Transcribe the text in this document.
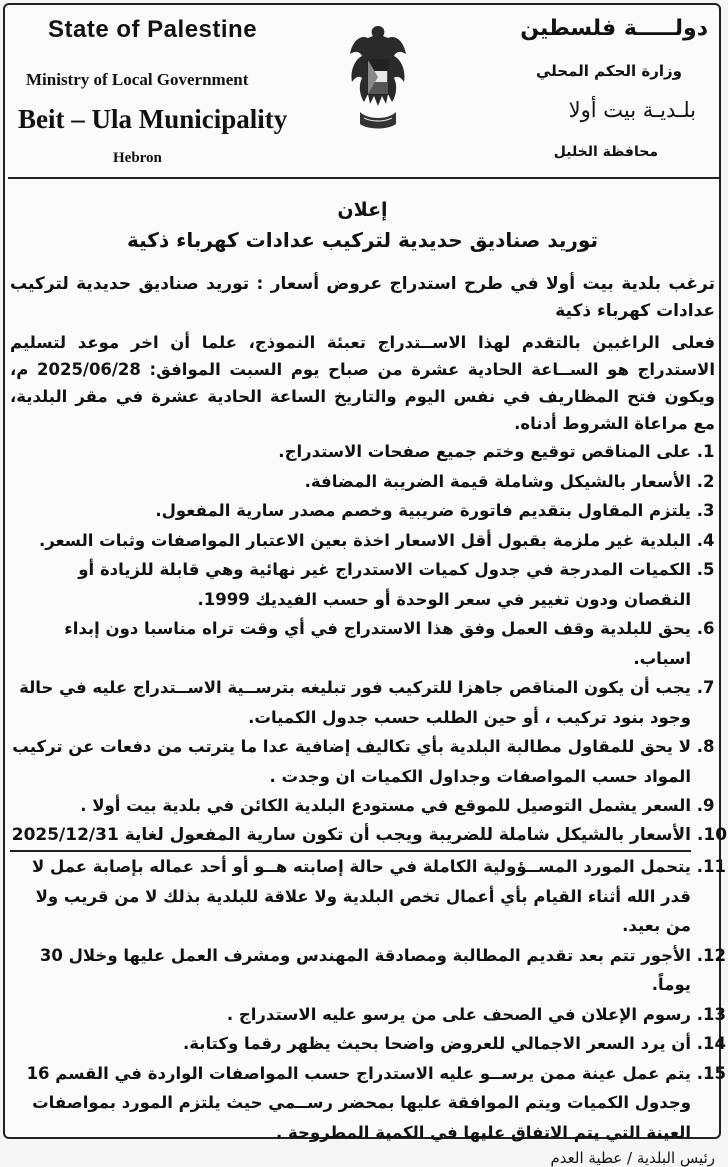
State of Palestine
Ministry of Local Government
Beit – Ula Municipality
Hebron
دولـــــة فلسطين
وزارة الحكم المحلي
بلـديـة بيت أولا
محافظة الخليل
إعلان
توريد صناديق حديدية لتركيب عدادات كهرباء ذكية

ترغب بلدية بيت أولا في طرح استدراج عروض أسعار : توريد صناديق حديدية لتركيب عدادات كهرباء ذكية

فعلى الراغبين بالتقدم لهذا الاســتدراج تعبئة النموذج، علما أن اخر موعد لتسليم الاستدراج هو الســاعة الحادية عشرة من صباح يوم السبت الموافق: 2025/06/28 م، ويكون فتح المظاريف في نفس اليوم والتاريخ الساعة الحادية عشرة في مقر البلدية، مع مراعاة الشروط أدناه.

1. على المناقص توقيع وختم جميع صفحات الاستدراج.
2. الأسعار بالشيكل وشاملة قيمة الضريبة المضافة.
3. يلتزم المقاول بتقديم فاتورة ضريبية وخصم مصدر سارية المفعول.
4. البلدية غير ملزمة بقبول أقل الاسعار اخذة بعين الاعتبار المواصفات وثبات السعر.
5. الكميات المدرجة في جدول كميات الاستدراج غير نهائية وهي قابلة للزيادة أو النقصان ودون تغيير في سعر الوحدة أو حسب الفيديك 1999.
6. يحق للبلدية وقف العمل وفق هذا الاستدراج في أي وقت تراه مناسبا دون إبداء اسباب.
7. يجب أن يكون المناقص جاهزا للتركيب فور تبليغه بترســية الاســتدراج عليه في حالة وجود بنود تركيب ، أو حين الطلب حسب جدول الكميات.
8. لا يحق للمقاول مطالبة البلدية بأي تكاليف إضافية عدا ما يترتب من دفعات عن تركيب المواد حسب المواصفات وجداول الكميات ان وجدت .
9. السعر يشمل التوصيل للموقع في مستودع البلدية الكائن في بلدية بيت أولا .
10. الأسعار بالشيكل شاملة للضريبة ويجب أن تكون سارية المفعول لغاية 2025/12/31
11. يتحمل المورد المســؤولية الكاملة في حالة إصابته هــو أو أحد عماله بإصابة عمل لا قدر الله أثناء القيام بأي أعمال تخص البلدية ولا علاقة للبلدية بذلك لا من قريب ولا من بعيد.
12. الأجور تتم بعد تقديم المطالبة ومصادقة المهندس ومشرف العمل عليها وخلال 30 يوماً.
13. رسوم الإعلان في الصحف على من يرسو عليه الاستدراج .
14. أن يرد السعر الاجمالي للعروض واضحا بحيث يظهر رقما وكتابة.
15. يتم عمل عينة ممن يرســو عليه الاستدراج حسب المواصفات الواردة في القسم 16 وجدول الكميات ويتم الموافقة عليها بمحضر رســمي حيث يلتزم المورد بمواصفات العينة التي يتم الاتفاق عليها في الكمية المطروحة .
رئيس البلدية / عطية العدم
